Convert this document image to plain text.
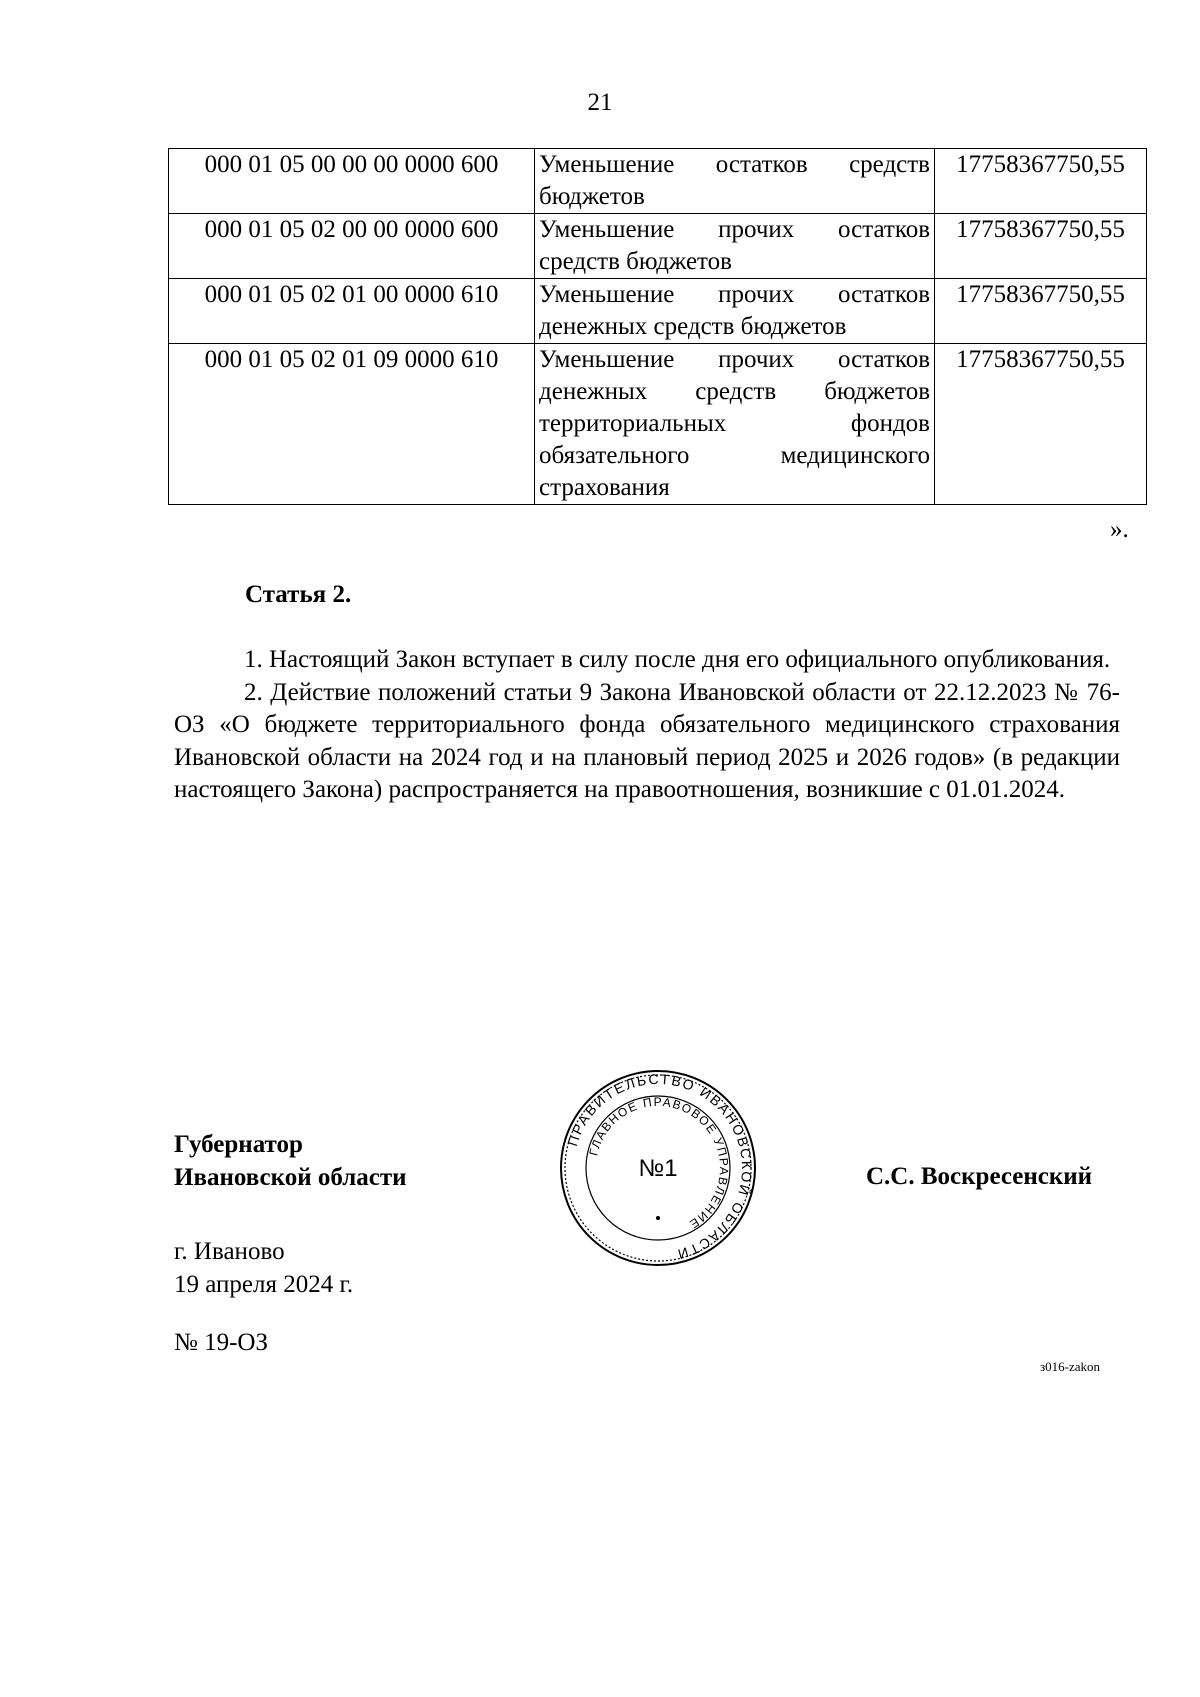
21
000 01 05 00 00 00 0000 600	Уменьшение остатков средств бюджетов	17758367750,55
000 01 05 02 00 00 0000 600	Уменьшение прочих остатков средств бюджетов	17758367750,55
000 01 05 02 01 00 0000 610	Уменьшение прочих остатков денежных средств бюджетов	17758367750,55
000 01 05 02 01 09 0000 610	Уменьшение прочих остатков денежных средств бюджетов территориальных фондов обязательного медицинского страхования	17758367750,55
».
Статья 2.

1. Настоящий Закон вступает в силу после дня его официального опубликования.

2. Действие положений статьи 9 Закона Ивановской области от 22.12.2023 № 76-ОЗ «О бюджете территориального фонда обязательного медицинского страхования Ивановской области на 2024 год и на плановый период 2025 и 2026 годов» (в редакции настоящего Закона) распространяется на правоотношения, возникшие с 01.01.2024.

Губернатор
Ивановской области
ПРАВИТЕЛЬСТВО ИВАНОВСКОЙ ОБЛАСТИ
ГЛАВНОЕ ПРАВОВОЕ УПРАВЛЕНИЕ
№1	С.С. Воскресенский
г. Иваново
19 апреля 2024 г.
№ 19-ОЗ
з016-zakon
